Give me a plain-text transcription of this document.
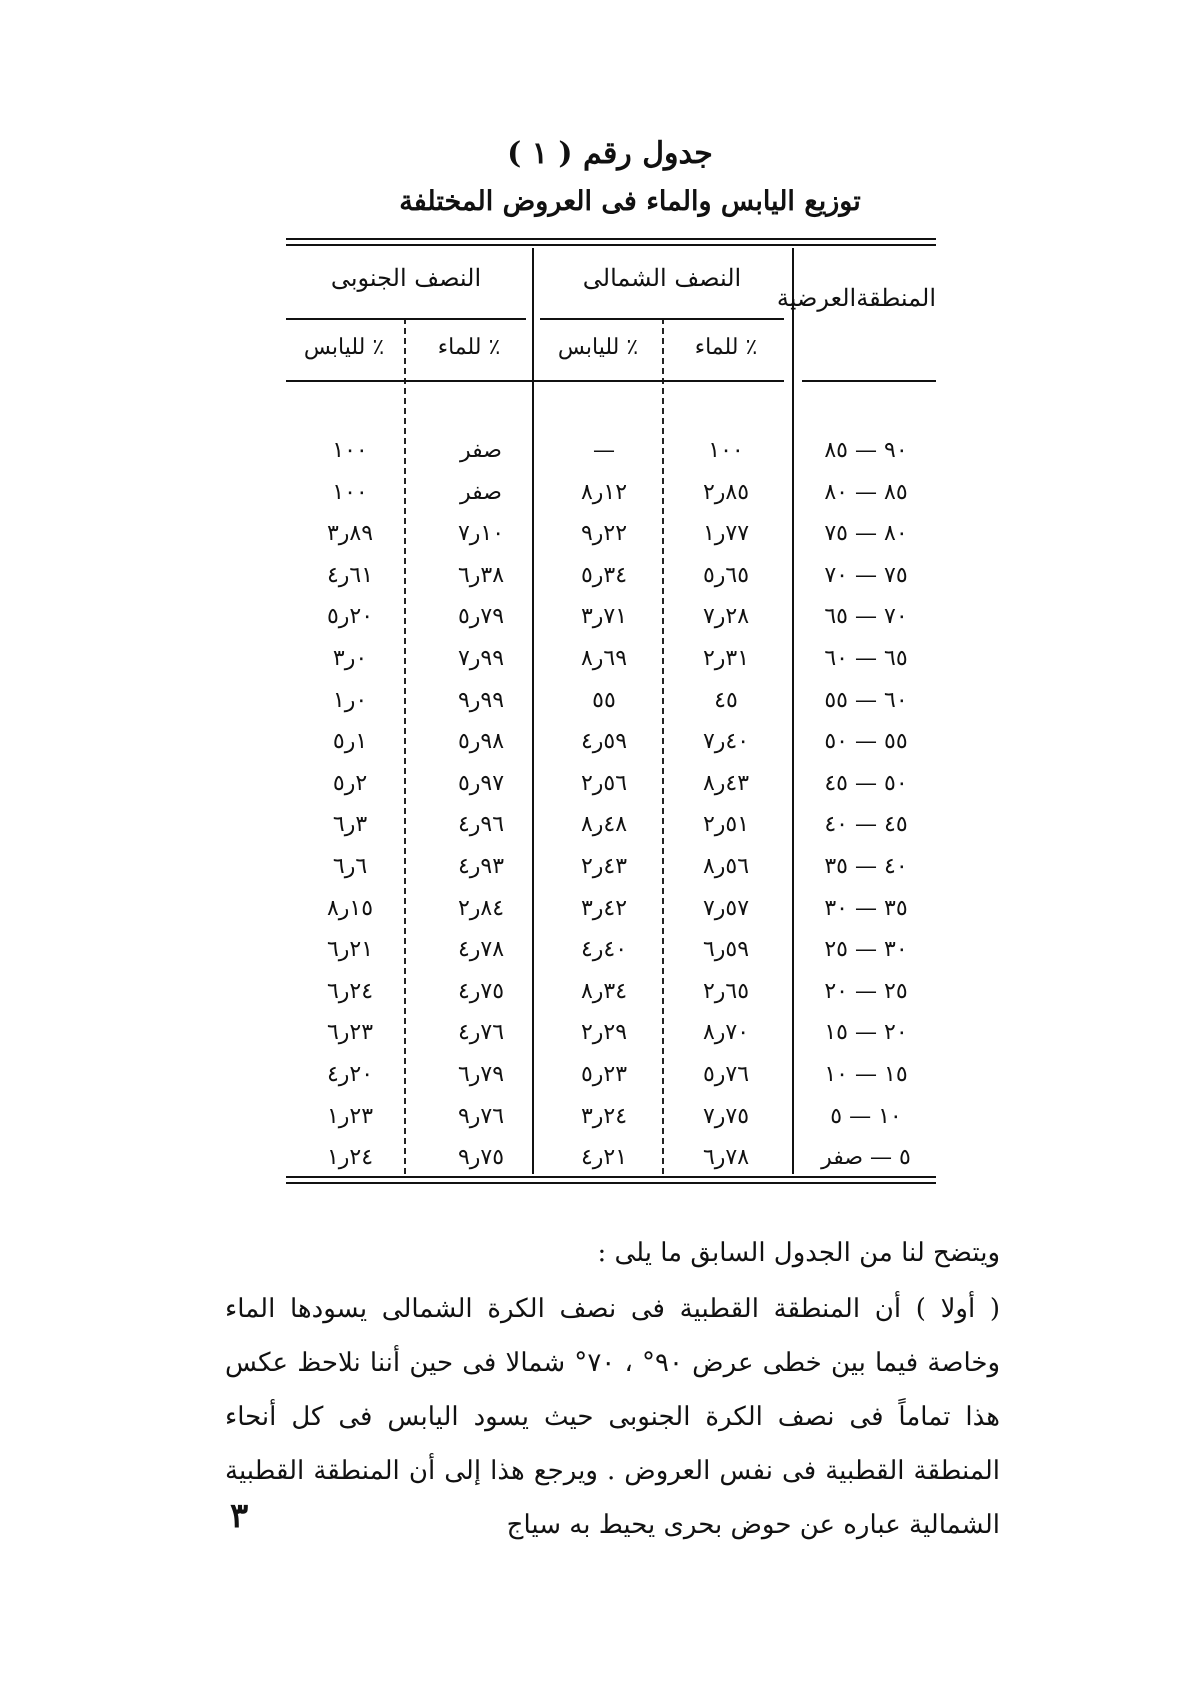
جدول رقم ( ١ )
توزيع اليابس والماء فى العروض المختلفة
المنطقةالعرضية
النصف الشمالى
النصف الجنوبى
٪ للماء
٪ لليابس
٪ للماء
٪ لليابس
٩٠ — ٨٥
١٠٠
—
صفر
١٠٠
٨٥ — ٨٠
٨٥ر٢
١٢ر٨
صفر
١٠٠
٨٠ — ٧٥
٧٧ر١
٢٢ر٩
١٠ر٧
٨٩ر٣
٧٥ — ٧٠
٦٥ر٥
٣٤ر٥
٣٨ر٦
٦١ر٤
٧٠ — ٦٥
٢٨ر٧
٧١ر٣
٧٩ر٥
٢٠ر٥
٦٥ — ٦٠
٣١ر٢
٦٩ر٨
٩٩ر٧
٠ر٣
٦٠ — ٥٥
٤٥
٥٥
٩٩ر٩
٠ر١
٥٥ — ٥٠
٤٠ر٧
٥٩ر٤
٩٨ر٥
١ر٥
٥٠ — ٤٥
٤٣ر٨
٥٦ر٢
٩٧ر٥
٢ر٥
٤٥ — ٤٠
٥١ر٢
٤٨ر٨
٩٦ر٤
٣ر٦
٤٠ — ٣٥
٥٦ر٨
٤٣ر٢
٩٣ر٤
٦ر٦
٣٥ — ٣٠
٥٧ر٧
٤٢ر٣
٨٤ر٢
١٥ر٨
٣٠ — ٢٥
٥٩ر٦
٤٠ر٤
٧٨ر٤
٢١ر٦
٢٥ — ٢٠
٦٥ر٢
٣٤ر٨
٧٥ر٤
٢٤ر٦
٢٠ — ١٥
٧٠ر٨
٢٩ر٢
٧٦ر٤
٢٣ر٦
١٥ — ١٠
٧٦ر٥
٢٣ر٥
٧٩ر٦
٢٠ر٤
١٠ — ٥
٧٥ر٧
٢٤ر٣
٧٦ر٩
٢٣ر١
٥ — صفر
٧٨ر٦
٢١ر٤
٧٥ر٩
٢٤ر١
ويتضح لنا من الجدول السابق ما يلى :
( أولا ) أن المنطقة القطبية فى نصف الكرة الشمالى يسودها الماء وخاصة فيما بين خطى عرض ٩٠° ، ٧٠° شمالا فى حين أننا نلاحظ عكس هذا تماماً فى نصف الكرة الجنوبى حيث يسود اليابس فى كل أنحاء المنطقة القطبية فى نفس العروض . ويرجع هذا إلى أن المنطقة القطبية الشمالية عباره عن حوض بحرى يحيط به سياج
٣
